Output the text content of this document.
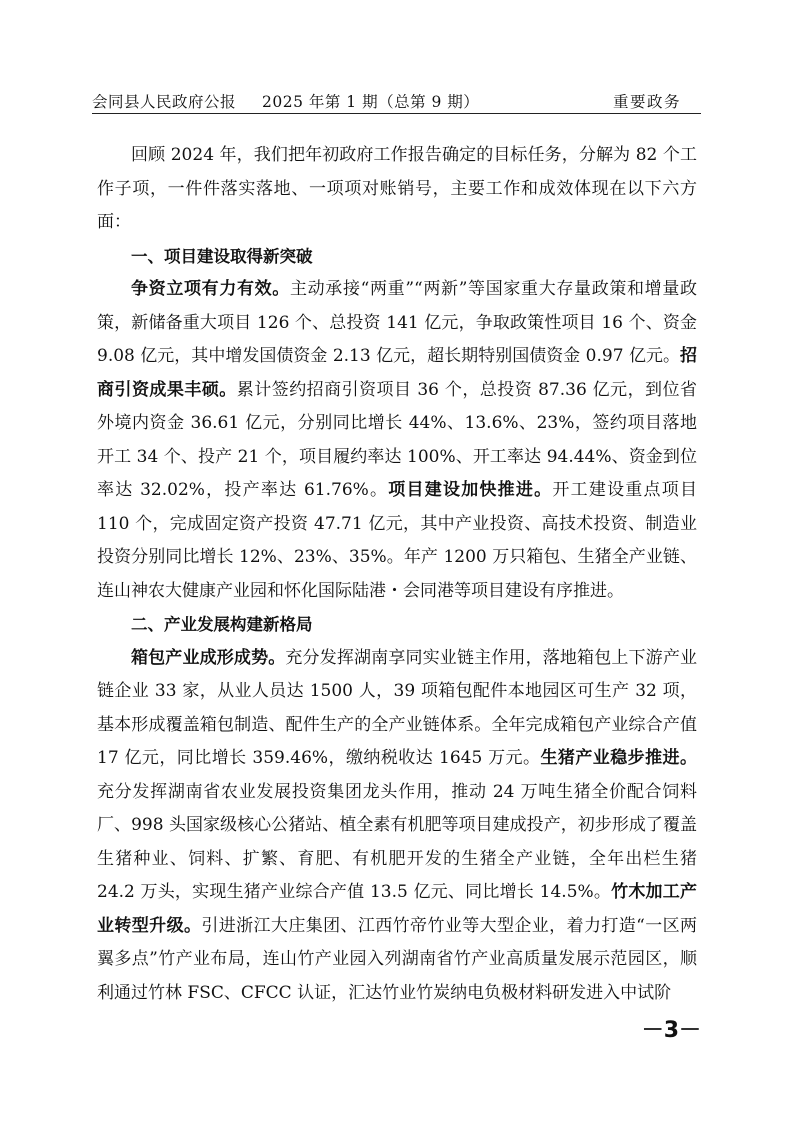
会同县人民政府公报 2025 年第 1 期（总第 9 期）	重要政务

回顾 2024 年，我们把年初政府工作报告确定的目标任务，分解为 82 个工作子项，一件件落实落地、一项项对账销号，主要工作和成效体现在以下六方面：

一、项目建设取得新突破

争资立项有力有效。主动承接“两重”“两新”等国家重大存量政策和增量政策，新储备重大项目 126 个、总投资 141 亿元，争取政策性项目 16 个、资金 9.08 亿元，其中增发国债资金 2.13 亿元，超长期特别国债资金 0.97 亿元。招商引资成果丰硕。累计签约招商引资项目 36 个，总投资 87.36 亿元，到位省外境内资金 36.61 亿元，分别同比增长 44%、13.6%、23%，签约项目落地开工 34 个、投产 21 个，项目履约率达 100%、开工率达 94.44%、资金到位率达 32.02%，投产率达 61.76%。项目建设加快推进。开工建设重点项目 110 个，完成固定资产投资 47.71 亿元，其中产业投资、高技术投资、制造业投资分别同比增长 12%、23%、35%。年产 1200 万只箱包、生猪全产业链、连山神农大健康产业园和怀化国际陆港・会同港等项目建设有序推进。

二、产业发展构建新格局

箱包产业成形成势。充分发挥湖南享同实业链主作用，落地箱包上下游产业链企业 33 家，从业人员达 1500 人，39 项箱包配件本地园区可生产 32 项，基本形成覆盖箱包制造、配件生产的全产业链体系。全年完成箱包产业综合产值 17 亿元，同比增长 359.46%，缴纳税收达 1645 万元。生猪产业稳步推进。充分发挥湖南省农业发展投资集团龙头作用，推动 24 万吨生猪全价配合饲料厂、998 头国家级核心公猪站、植全素有机肥等项目建成投产，初步形成了覆盖生猪种业、饲料、扩繁、育肥、有机肥开发的生猪全产业链，全年出栏生猪 24.2 万头，实现生猪产业综合产值 13.5 亿元、同比增长 14.5%。竹木加工产业转型升级。引进浙江大庄集团、江西竹帝竹业等大型企业，着力打造“一区两翼多点”竹产业布局，连山竹产业园入列湖南省竹产业高质量发展示范园区，顺利通过竹林 FSC、CFCC 认证，汇达竹业竹炭纳电负极材料研发进入中试阶

－3－
